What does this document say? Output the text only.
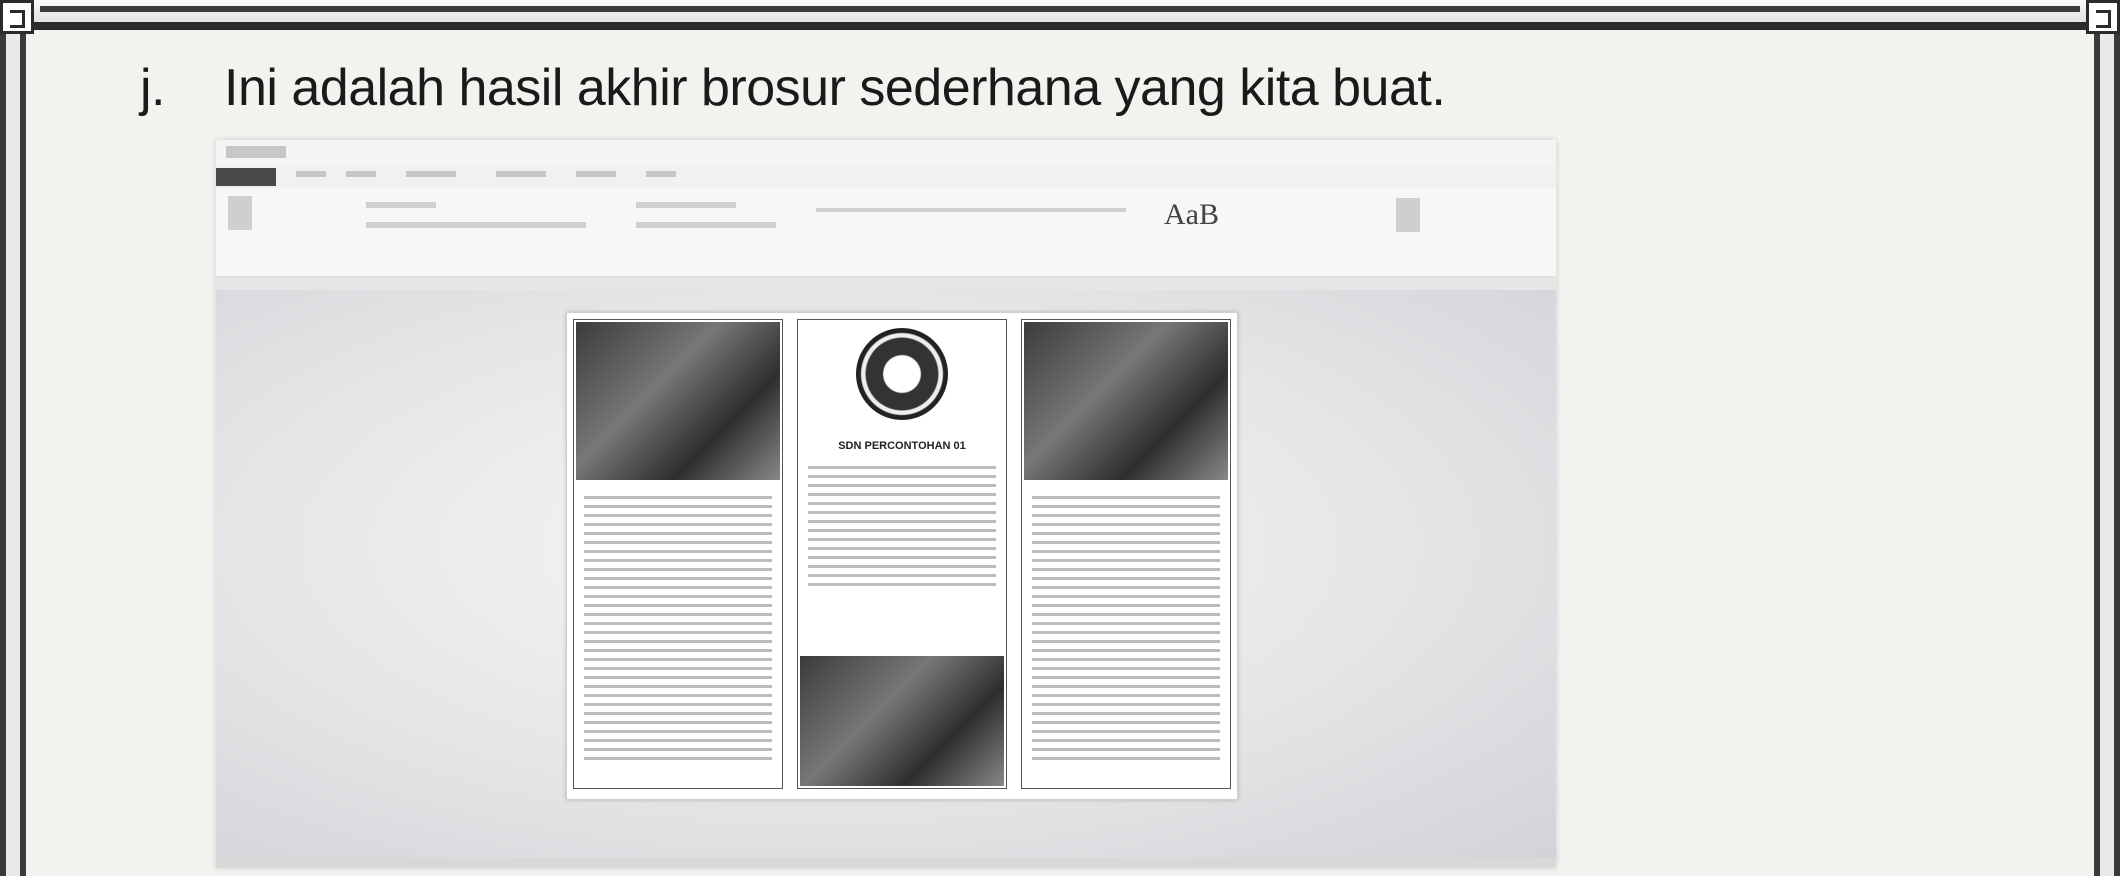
j. Ini adalah hasil akhir brosur sederhana yang kita buat.
AaB
SDN PERCONTOHAN 01
